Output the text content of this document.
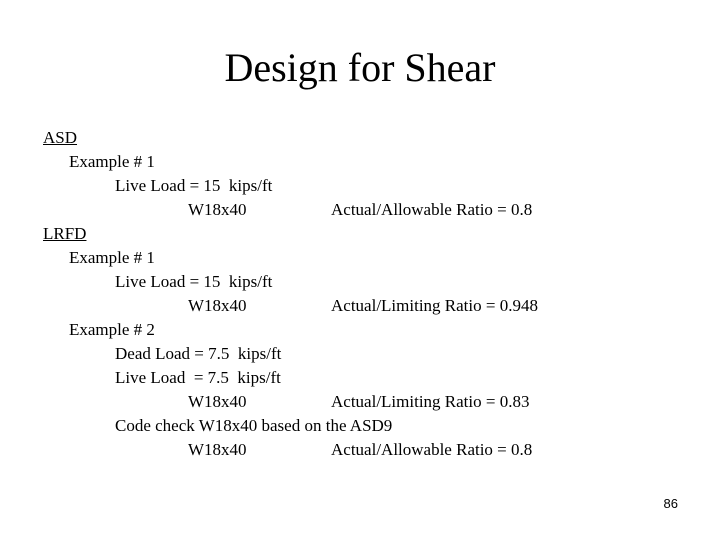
Design for Shear
ASD
Example # 1
Live Load = 15  kips/ft
W18x40	Actual/Allowable Ratio = 0.8
LRFD
Example # 1
Live Load = 15  kips/ft
W18x40	Actual/Limiting Ratio = 0.948
Example # 2
Dead Load = 7.5  kips/ft
Live Load  = 7.5  kips/ft
W18x40	Actual/Limiting Ratio = 0.83
Code check W18x40 based on the ASD9
W18x40	Actual/Allowable Ratio = 0.8
86
